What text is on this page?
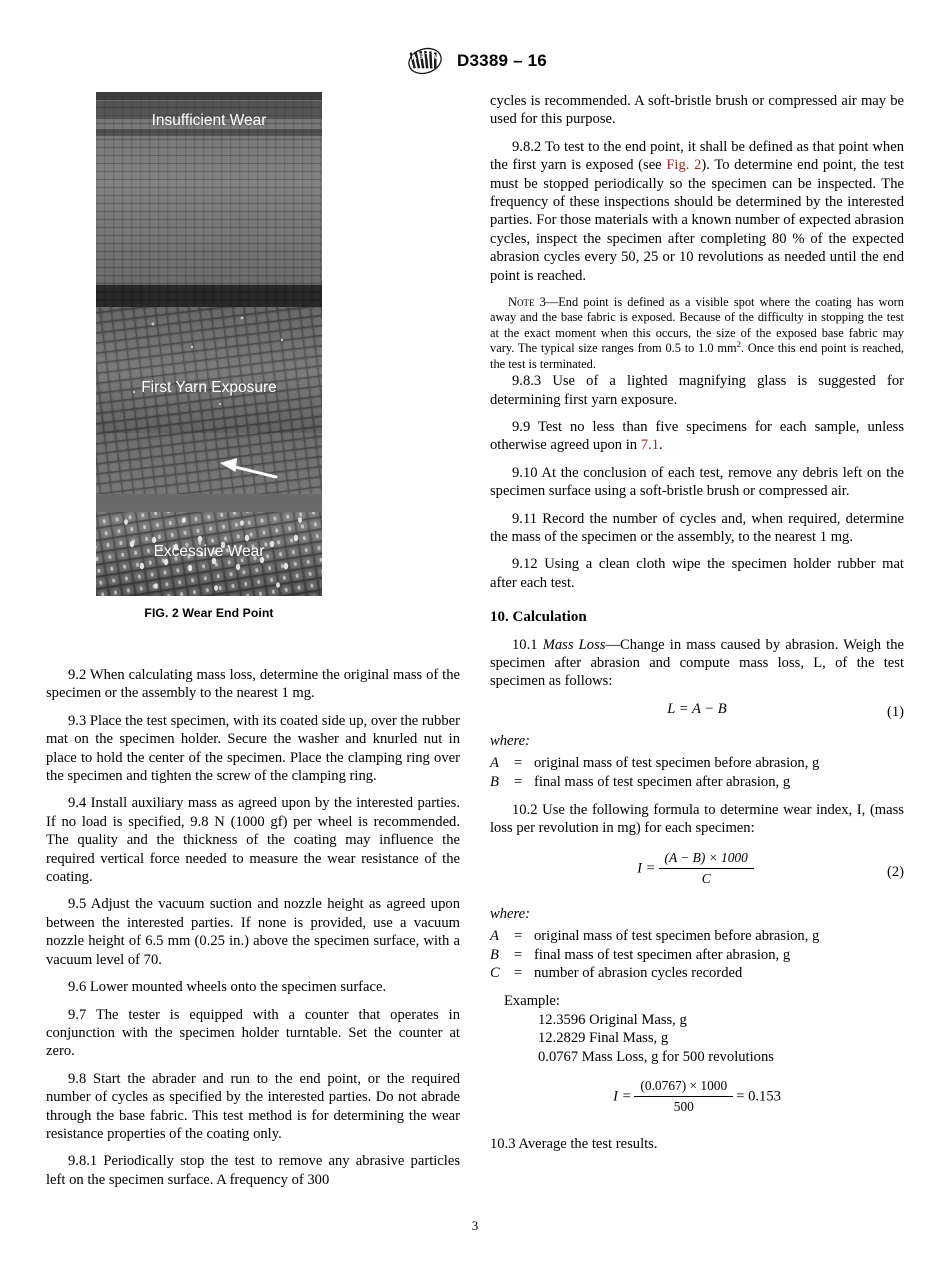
A S T M D3389 – 16
Insufficient Wear
First Yarn Exposure
Excessive Wear
FIG. 2 Wear End Point

9.2 When calculating mass loss, determine the original mass of the specimen or the assembly to the nearest 1 mg.

9.3 Place the test specimen, with its coated side up, over the rubber mat on the specimen holder. Secure the washer and knurled nut in place to hold the center of the specimen. Place the clamping ring over the specimen and tighten the screw of the clamping ring.

9.4 Install auxiliary mass as agreed upon by the interested parties. If no load is specified, 9.8 N (1000 gf) per wheel is recommended. The quality and the thickness of the coating may influence the required vertical force needed to measure the wear resistance of the coating.

9.5 Adjust the vacuum suction and nozzle height as agreed upon between the interested parties. If none is provided, use a vacuum nozzle height of 6.5 mm (0.25 in.) above the specimen surface, with a vacuum level of 70.

9.6 Lower mounted wheels onto the specimen surface.

9.7 The tester is equipped with a counter that operates in conjunction with the specimen holder turntable. Set the counter at zero.

9.8 Start the abrader and run to the end point, or the required number of cycles as specified by the interested parties. Do not abrade through the base fabric. This test method is for determining the wear resistance properties of the coating only.

9.8.1 Periodically stop the test to remove any abrasive particles left on the specimen surface. A frequency of 300

cycles is recommended. A soft-bristle brush or compressed air may be used for this purpose.

9.8.2 To test to the end point, it shall be defined as that point when the first yarn is exposed (see Fig. 2). To determine end point, the test must be stopped periodically so the specimen can be inspected. The frequency of these inspections should be determined by the interested parties. For those materials with a known number of expected abrasion cycles, inspect the specimen after completing 80 % of the expected abrasion cycles every 50, 25 or 10 revolutions as needed until the end point is reached.

Note 3—End point is defined as a visible spot where the coating has worn away and the base fabric is exposed. Because of the difficulty in stopping the test at the exact moment when this occurs, the size of the exposed base fabric may vary. The typical size ranges from 0.5 to 1.0 $mm^2$. Once this end point is reached, the test is terminated.

9.8.3 Use of a lighted magnifying glass is suggested for determining first yarn exposure.

9.9 Test no less than five specimens for each sample, unless otherwise agreed upon in 7.1.

9.10 At the conclusion of each test, remove any debris left on the specimen surface using a soft-bristle brush or compressed air.

9.11 Record the number of cycles and, when required, determine the mass of the specimen or the assembly, to the nearest 1 mg.

9.12 Using a clean cloth wipe the specimen holder rubber mat after each test.

10. Calculation

10.1 Mass Loss—Change in mass caused by abrasion. Weigh the specimen after abrasion and compute mass loss, L, of the test specimen as follows:

L = A − B	(1)
where:
A	=	original mass of test specimen before abrasion, g
B	=	final mass of test specimen after abrasion, g

10.2 Use the following formula to determine wear index, I, (mass loss per revolution in mg) for each specimen:

$I = \frac{(A - B) \times 1000}{C}$	(2)
where:
A	=	original mass of test specimen before abrasion, g
B	=	final mass of test specimen after abrasion, g
C	=	number of abrasion cycles recorded
Example:
12.3596 Original Mass, g
12.2829 Final Mass, g
0.0767 Mass Loss, g for 500 revolutions
$I = \frac{(0.0767) \times 1000}{500} = 0.153$

10.3 Average the test results.

3
